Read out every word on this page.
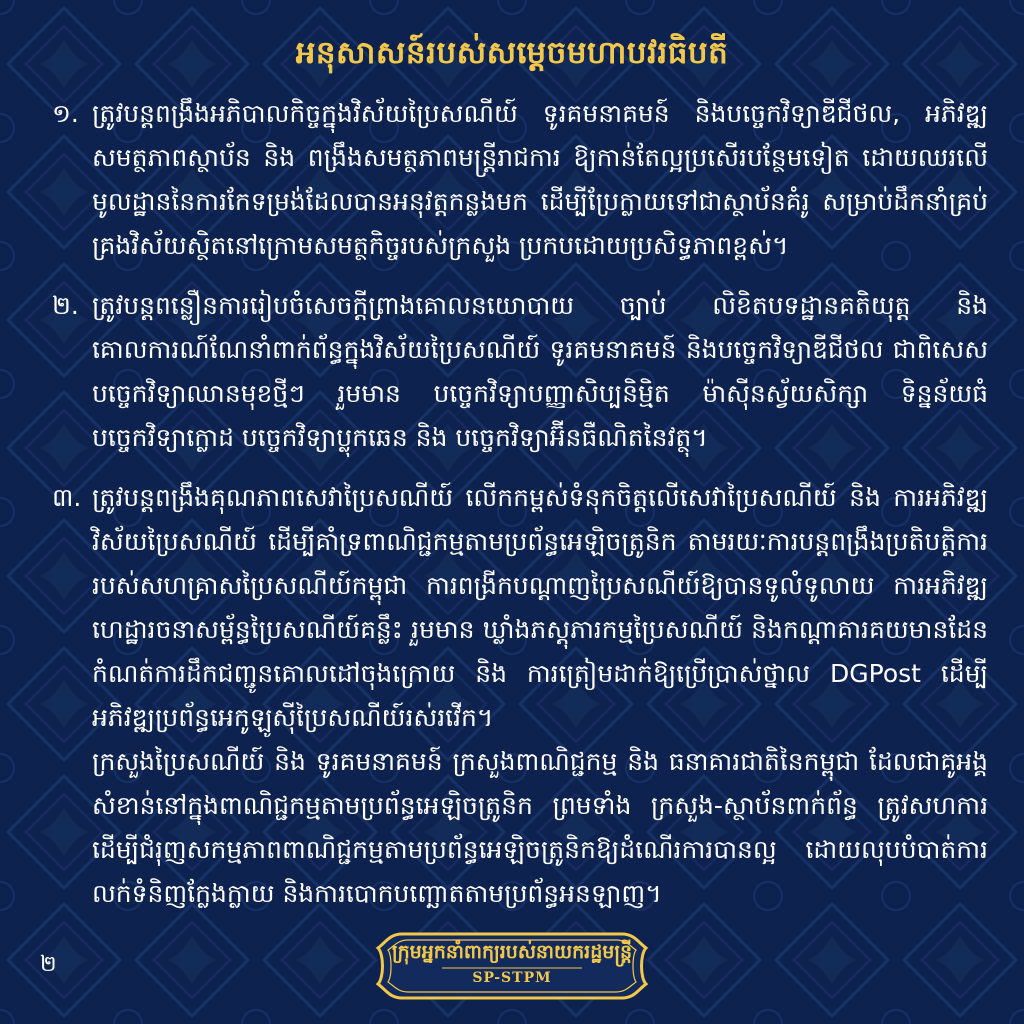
អនុសាសន៍របស់សម្តេចមហាបវរធិបតី
១. ត្រូវបន្តពង្រឹងអភិបាលកិច្ចក្នុងវិស័យប្រៃសណីយ៍ ទូរគមនាគមន៍ និងបច្ចេកវិទ្យាឌីជីថល, អភិវឌ្ឍសមត្ថភាពស្ថាប័ន និង ពង្រឹងសមត្ថភាពមន្ត្រីរាជការ ឱ្យកាន់តែល្អប្រសើរបន្ថែមទៀត ដោយឈរលើមូលដ្ឋាននៃការកែទម្រង់ដែលបានអនុវត្តកន្លងមក ដើម្បីប្រែក្លាយទៅជាស្ថាប័នគំរូ សម្រាប់ដឹកនាំគ្រប់គ្រងវិស័យស្ថិតនៅក្រោមសមត្ថកិច្ចរបស់ក្រសួង ប្រកបដោយប្រសិទ្ធភាពខ្ពស់។
២. ត្រូវបន្តពន្លឿនការរៀបចំសេចក្តីព្រាងគោលនយោបាយ ច្បាប់ លិខិតបទដ្ឋានគតិយុត្ត និង គោលការណ៍ណែនាំពាក់ព័ន្ធក្នុងវិស័យប្រៃសណីយ៍ ទូរគមនាគមន៍ និងបច្ចេកវិទ្យាឌីជីថល ជាពិសេស បច្ចេកវិទ្យាឈានមុខថ្មីៗ រួមមាន បច្ចេកវិទ្យាបញ្ញាសិប្បនិម្មិត ម៉ាស៊ីនស្វ័យសិក្សា ទិន្នន័យធំ បច្ចេកវិទ្យាក្លោដ បច្ចេកវិទ្យាប្លុកឆេន និង បច្ចេកវិទ្យាអ៊ីនធឺណិតនៃវត្ថុ។
៣. ត្រូវបន្តពង្រឹងគុណភាពសេវាប្រៃសណីយ៍ លើកកម្ពស់ទំនុកចិត្តលើសេវាប្រៃសណីយ៍ និង ការអភិវឌ្ឍវិស័យប្រៃសណីយ៍ ដើម្បីគាំទ្រពាណិជ្ជកម្មតាមប្រព័ន្ធអេឡិចត្រូនិក តាមរយៈការបន្តពង្រឹងប្រតិបត្តិការរបស់សហគ្រាសប្រៃសណីយ៍កម្ពុជា ការពង្រីកបណ្តាញប្រៃសណីយ៍ឱ្យបានទូលំទូលាយ ការអភិវឌ្ឍហេដ្ឋារចនាសម្ព័ន្ធប្រៃសណីយ៍គន្លឹះ រួមមាន ឃ្លាំងភស្តុភារកម្មប្រៃសណីយ៍ និងកណ្តាគារគយមានដែនកំណត់ការដឹកជញ្ជូនគោលដៅចុងក្រោយ និង ការត្រៀមដាក់ឱ្យប្រើប្រាស់ថ្នាល DGPost ដើម្បីអភិវឌ្ឍប្រព័ន្ធអេកូឡូស៊ីប្រៃសណីយ៍រស់រវើក។
ក្រសួងប្រៃសណីយ៍ និង ទូរគមនាគមន៍ ក្រសួងពាណិជ្ជកម្ម និង ធនាគារជាតិនៃកម្ពុជា ដែលជាគូអង្គសំខាន់នៅក្នុងពាណិជ្ជកម្មតាមប្រព័ន្ធអេឡិចត្រូនិក ព្រមទាំង ក្រសួង-ស្ថាប័នពាក់ព័ន្ធ ត្រូវសហការដើម្បីជំរុញសកម្មភាពពាណិជ្ជកម្មតាមប្រព័ន្ធអេឡិចត្រូនិកឱ្យដំណើរការបានល្អ ដោយលុបបំបាត់ការលក់ទំនិញក្លែងក្លាយ និងការបោកបញ្ឆោតតាមប្រព័ន្ធអនឡាញ។
២	ក្រុមអ្នកនាំពាក្យរបស់នាយករដ្ឋមន្ត្រី
SP-STPM
